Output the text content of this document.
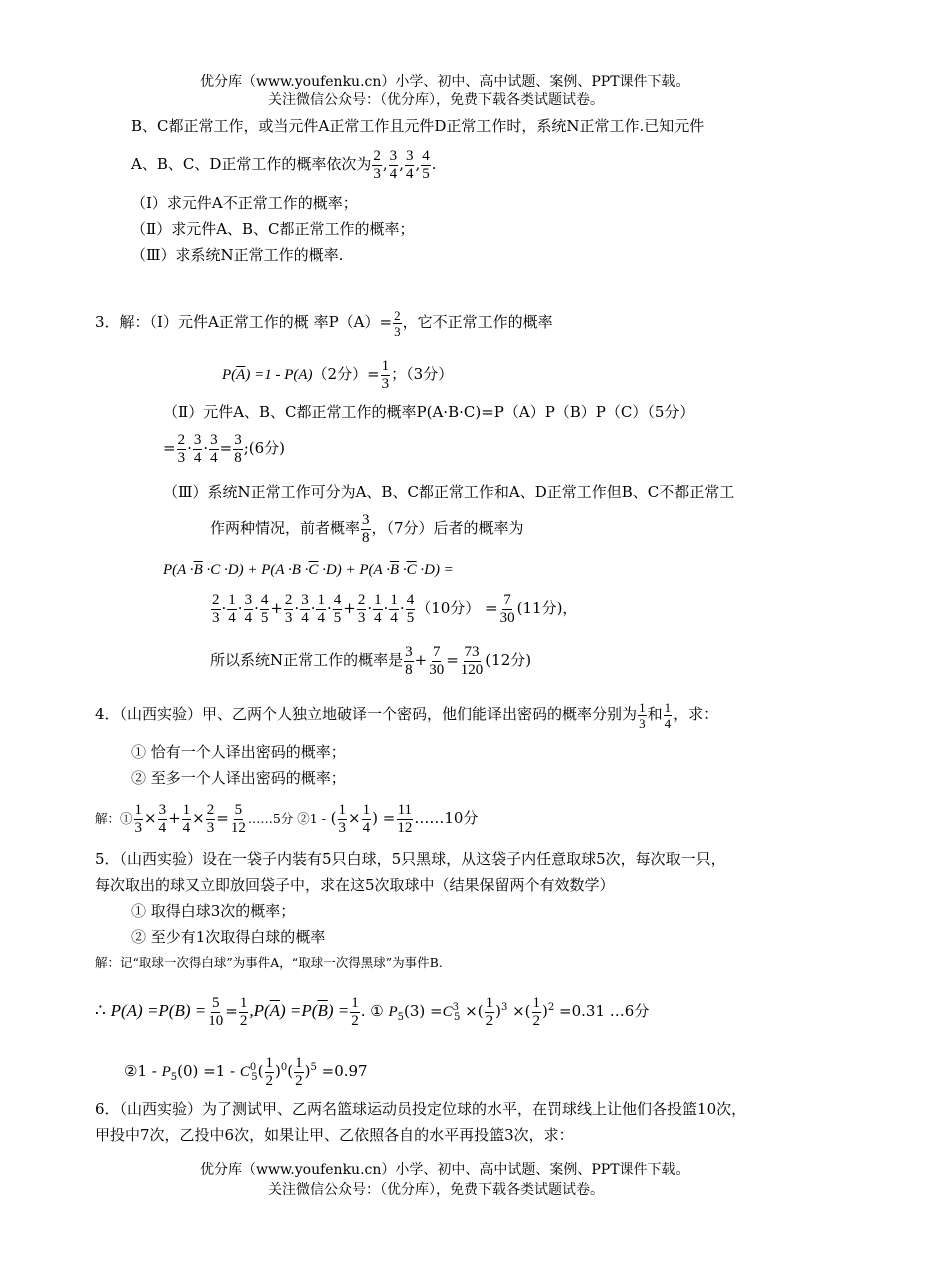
优分库（www.youfenku.cn）小学、初中、高中试题、案例、PPT课件下载。
关注微信公众号：（优分库），免费下载各类试题试卷。
B、C都正常工作，或当元件A正常工作且元件D正常工作时，系统N正常工作.已知元件
A、B、C、D正常工作的概率依次为 $\frac{2}{3}$ , $\frac{3}{4}$ , $\frac{3}{4}$ , $\frac{4}{5}$ .
（Ⅰ）求元件A不正常工作的概率；
（Ⅱ）求元件A、B、C都正常工作的概率；
（Ⅲ）求系统N正常工作的概率.
3．解：（Ⅰ）元件A正常工作的概 率$P(A)= \frac{2}{3}$ ，它不正常工作的概率
$P(\overline{A}) =1 - P(A)(2$分）= $\frac{1}{3}$ ；（3分）
（Ⅱ）元件A、B、C都正常工作的概率P(A·B·C)=P（A）P（B）P（C）（5分）
= $\frac{2}{3} \cdot \frac{3}{4} \cdot \frac{3}{4} = \frac{3}{8}$ ;(6分)
（Ⅲ）系统N正常工作可分为A、B、C都正常工作和A、D正常工作但B、C不都正常工
作两种情况，前者概率 $\frac{3}{8}$ ，（7分）后者的概率为
$P(A \cdot\overline{B} \cdot C \cdot D) + P(A \cdot B \cdot\overline{C} \cdot D) + P(A \cdot\overline{B} \cdot\overline{C} \cdot D)$ =
$\frac{2}{3} \cdot \frac{1}{4} \cdot \frac{3}{4} \cdot \frac{4}{5} + \frac{2}{3} \cdot \frac{3}{4} \cdot \frac{1}{4} \cdot \frac{4}{5} + \frac{2}{3} \cdot \frac{1}{4} \cdot \frac{1}{4} \cdot \frac{4}{5} (10$分） = $\frac{7}{30} (11$分)，
所以系统N正常工作的概率是 $\frac{3}{8} + \frac{7}{30} = \frac{73}{120} (12$分)
4．（山西实验）甲、乙两个人独立地破译一个密码，他们能译出密码的概率分别为 $\frac{1}{3}$ 和 $\frac{1}{4}$ ，求：
① 恰有一个人译出密码的概率；
② 至多一个人译出密码的概率；
解：① $\frac{1}{3} \times \frac{3}{4} + \frac{1}{4} \times \frac{2}{3} = \frac{5}{12}$ ……5分 ②1 - ( $\frac{1}{3} \times \frac{1}{4}$ ) = $\frac{11}{12}$ ……10分
5．（山西实验）设在一袋子内装有5只白球，5只黑球，从这袋子内任意取球5次，每次取一只，
每次取出的球又立即放回袋子中，求在这5次取球中（结果保留两个有效数学）
① 取得白球3次的概率；
② 至少有1次取得白球的概率
解：记“取球一次得白球”为事件A，“取球一次得黑球”为事件B.
∴ $P(A) =P(B) = \frac{5}{10} = \frac{1}{2} ,P(\overline{A}) =P(\overline{B}) = \frac{1}{2}$ . ① $P_5(3) =C^3_5$ ×( $\frac{1}{2} )^3$ ×( $\frac{1}{2} )^2 =0.31$ …6分
②1 - $P_5(0) =1 - C^0_5( \frac{1}{2} )^0( \frac{1}{2} )^5 =0.97$
6．（山西实验）为了测试甲、乙两名篮球运动员投定位球的水平，在罚球线上让他们各投篮10次，
甲投中7次，乙投中6次，如果让甲、乙依照各自的水平再投篮3次，求：
优分库（www.youfenku.cn）小学、初中、高中试题、案例、PPT课件下载。
关注微信公众号：（优分库），免费下载各类试题试卷。
